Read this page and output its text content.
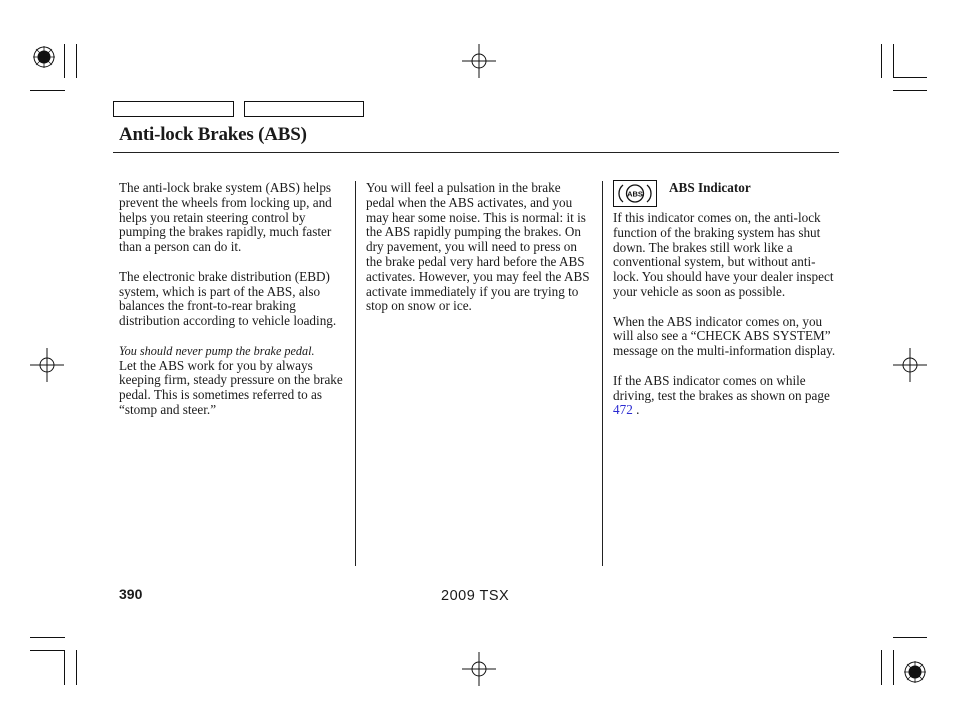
Anti-lock Brakes (ABS)

The anti-lock brake system (ABS) helps prevent the wheels from locking up, and helps you retain steering control by pumping the brakes rapidly, much faster than a person can do it.

The electronic brake distribution (EBD) system, which is part of the ABS, also balances the front-to-rear braking distribution according to vehicle loading.

You should never pump the brake pedal.

Let the ABS work for you by always keeping firm, steady pressure on the brake pedal. This is sometimes referred to as “stomp and steer.”

You will feel a pulsation in the brake pedal when the ABS activates, and you may hear some noise. This is normal: it is the ABS rapidly pumping the brakes. On dry pavement, you will need to press on the brake pedal very hard before the ABS activates. However, you may feel the ABS activate immediately if you are trying to stop on snow or ice.

ABS ABS Indicator

If this indicator comes on, the anti-lock function of the braking system has shut down. The brakes still work like a conventional system, but without anti-lock. You should have your dealer inspect your vehicle as soon as possible.

When the ABS indicator comes on, you will also see a “CHECK ABS SYSTEM” message on the multi-information display.

If the ABS indicator comes on while driving, test the brakes as shown on page 472 .

390	2009 TSX
